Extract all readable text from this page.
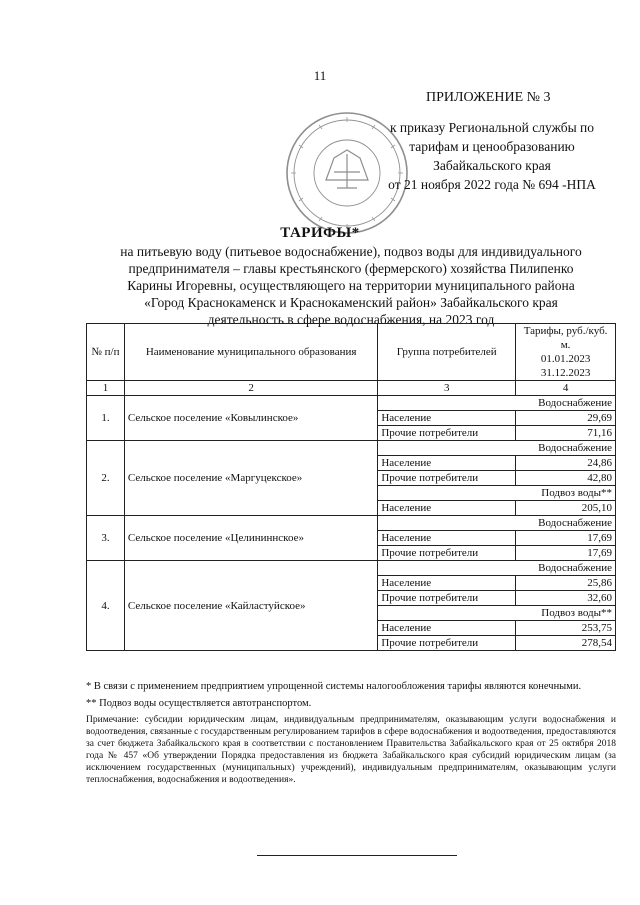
11
ПРИЛОЖЕНИЕ № 3
к приказу Региональной службы по
тарифам и ценообразованию
Забайкальского края
от 21 ноября 2022 года № 694 -НПА
ТАРИФЫ*
на питьевую воду (питьевое водоснабжение), подвоз воды для индивидуального
предпринимателя – главы крестьянского (фермерского) хозяйства Пилипенко
Карины Игоревны, осуществляющего на территории муниципального района
«Город Краснокаменск и Краснокаменский район» Забайкальского края
деятельность в сфере водоснабжения, на 2023 год
№ п/п	Наименование муниципального образования	Группа потребителей	Тарифы, руб./куб. м.
01.01.2023
31.12.2023

1	2	3	4
1.	Сельское поселение «Ковылинское»	Водоснабжение	
		Население	29,69
		Прочие потребители	71,16
2.	Сельское поселение «Маргуцекское»	Водоснабжение	
		Население	24,86
		Прочие потребители	42,80
		Подвоз воды**	
		Население	205,10
3.	Сельское поселение «Целининнское»	Водоснабжение	
		Население	17,69
		Прочие потребители	17,69
4.	Сельское поселение «Кайластуйское»	Водоснабжение	
		Население	25,86
		Прочие потребители	32,60
		Подвоз воды**	
		Население	253,75
		Прочие потребители	278,54

* В связи с применением предприятием упрощенной системы налогообложения тарифы являются конечными.

** Подвоз воды осуществляется автотранспортом.

Примечание: субсидии юридическим лицам, индивидуальным предпринимателям, оказывающим услуги водоснабжения и водоотведения, связанные с государственным регулированием тарифов в сфере водоснабжения и водоотведения, предоставляются за счет бюджета Забайкальского края в соответствии с постановлением Правительства Забайкальского края от 25 октября 2018 года № 457 «Об утверждении Порядка предоставления из бюджета Забайкальского края субсидий юридическим лицам (за исключением государственных (муниципальных) учреждений), индивидуальным предпринимателям, оказывающим услуги теплоснабжения, водоснабжения и водоотведения».
